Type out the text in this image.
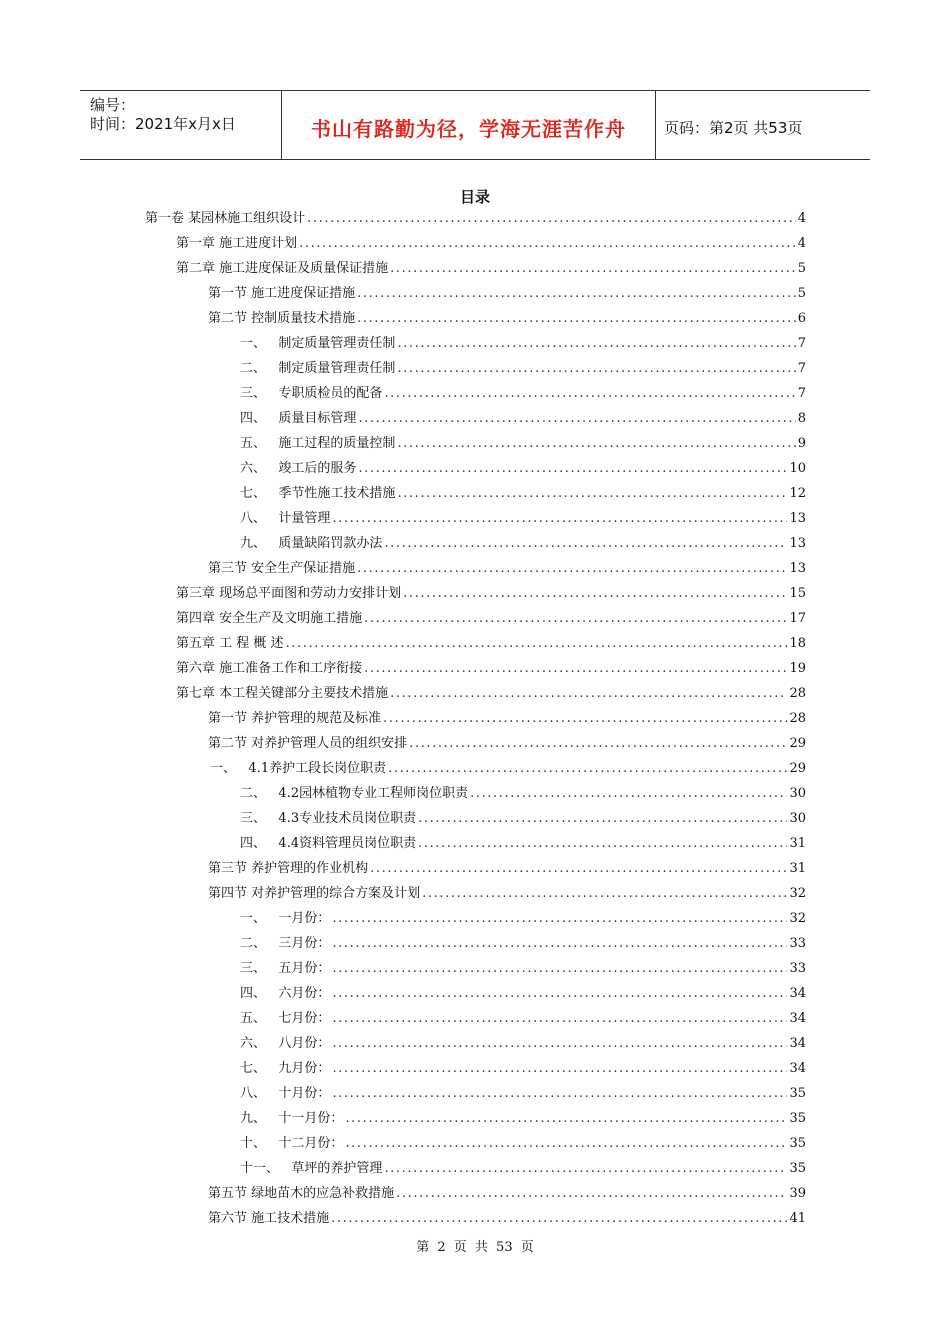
编号：
时间：2021年x月x日	书山有路勤为径，学海无涯苦作舟	页码：第2页 共53页
目录
第一卷 某园林施工组织设计 .....	4
第一章 施工进度计划 .....	4
第二章 施工进度保证及质量保证措施 .....	5
第一节 施工进度保证措施 .....	5
第二节 控制质量技术措施 .....	6
一、 制定质量管理责任制 .....	7
二、 制定质量管理责任制 .....	7
三、 专职质检员的配备 .....	7
四、 质量目标管理 .....	8
五、 施工过程的质量控制 .....	9
六、 竣工后的服务 .....	10
七、 季节性施工技术措施 .....	12
八、 计量管理 .....	13
九、 质量缺陷罚款办法 .....	13
第三节 安全生产保证措施 .....	13
第三章 现场总平面图和劳动力安排计划 .....	15
第四章 安全生产及文明施工措施 .....	17
第五章 工 程 概 述 .....	18
第六章 施工准备工作和工序衔接 .....	19
第七章 本工程关键部分主要技术措施 .....	28
第一节 养护管理的规范及标准 .....	28
第二节 对养护管理人员的组织安排 .....	29
一、 4.1养护工段长岗位职责 .....	29
二、 4.2园林植物专业工程师岗位职责 .....	30
三、 4.3专业技术员岗位职责 .....	30
四、 4.4资料管理员岗位职责 .....	31
第三节 养护管理的作业机构 .....	31
第四节 对养护管理的综合方案及计划 .....	32
一、 一月份： .....	32
二、 三月份： .....	33
三、 五月份： .....	33
四、 六月份： .....	34
五、 七月份： .....	34
六、 八月份： .....	34
七、 九月份： .....	34
八、 十月份： .....	35
九、 十一月份： .....	35
十、 十二月份： .....	35
十一、 草坪的养护管理 .....	35
第五节 绿地苗木的应急补救措施 .....	39
第六节 施工技术措施 .....	41
第 2 页 共 53 页
